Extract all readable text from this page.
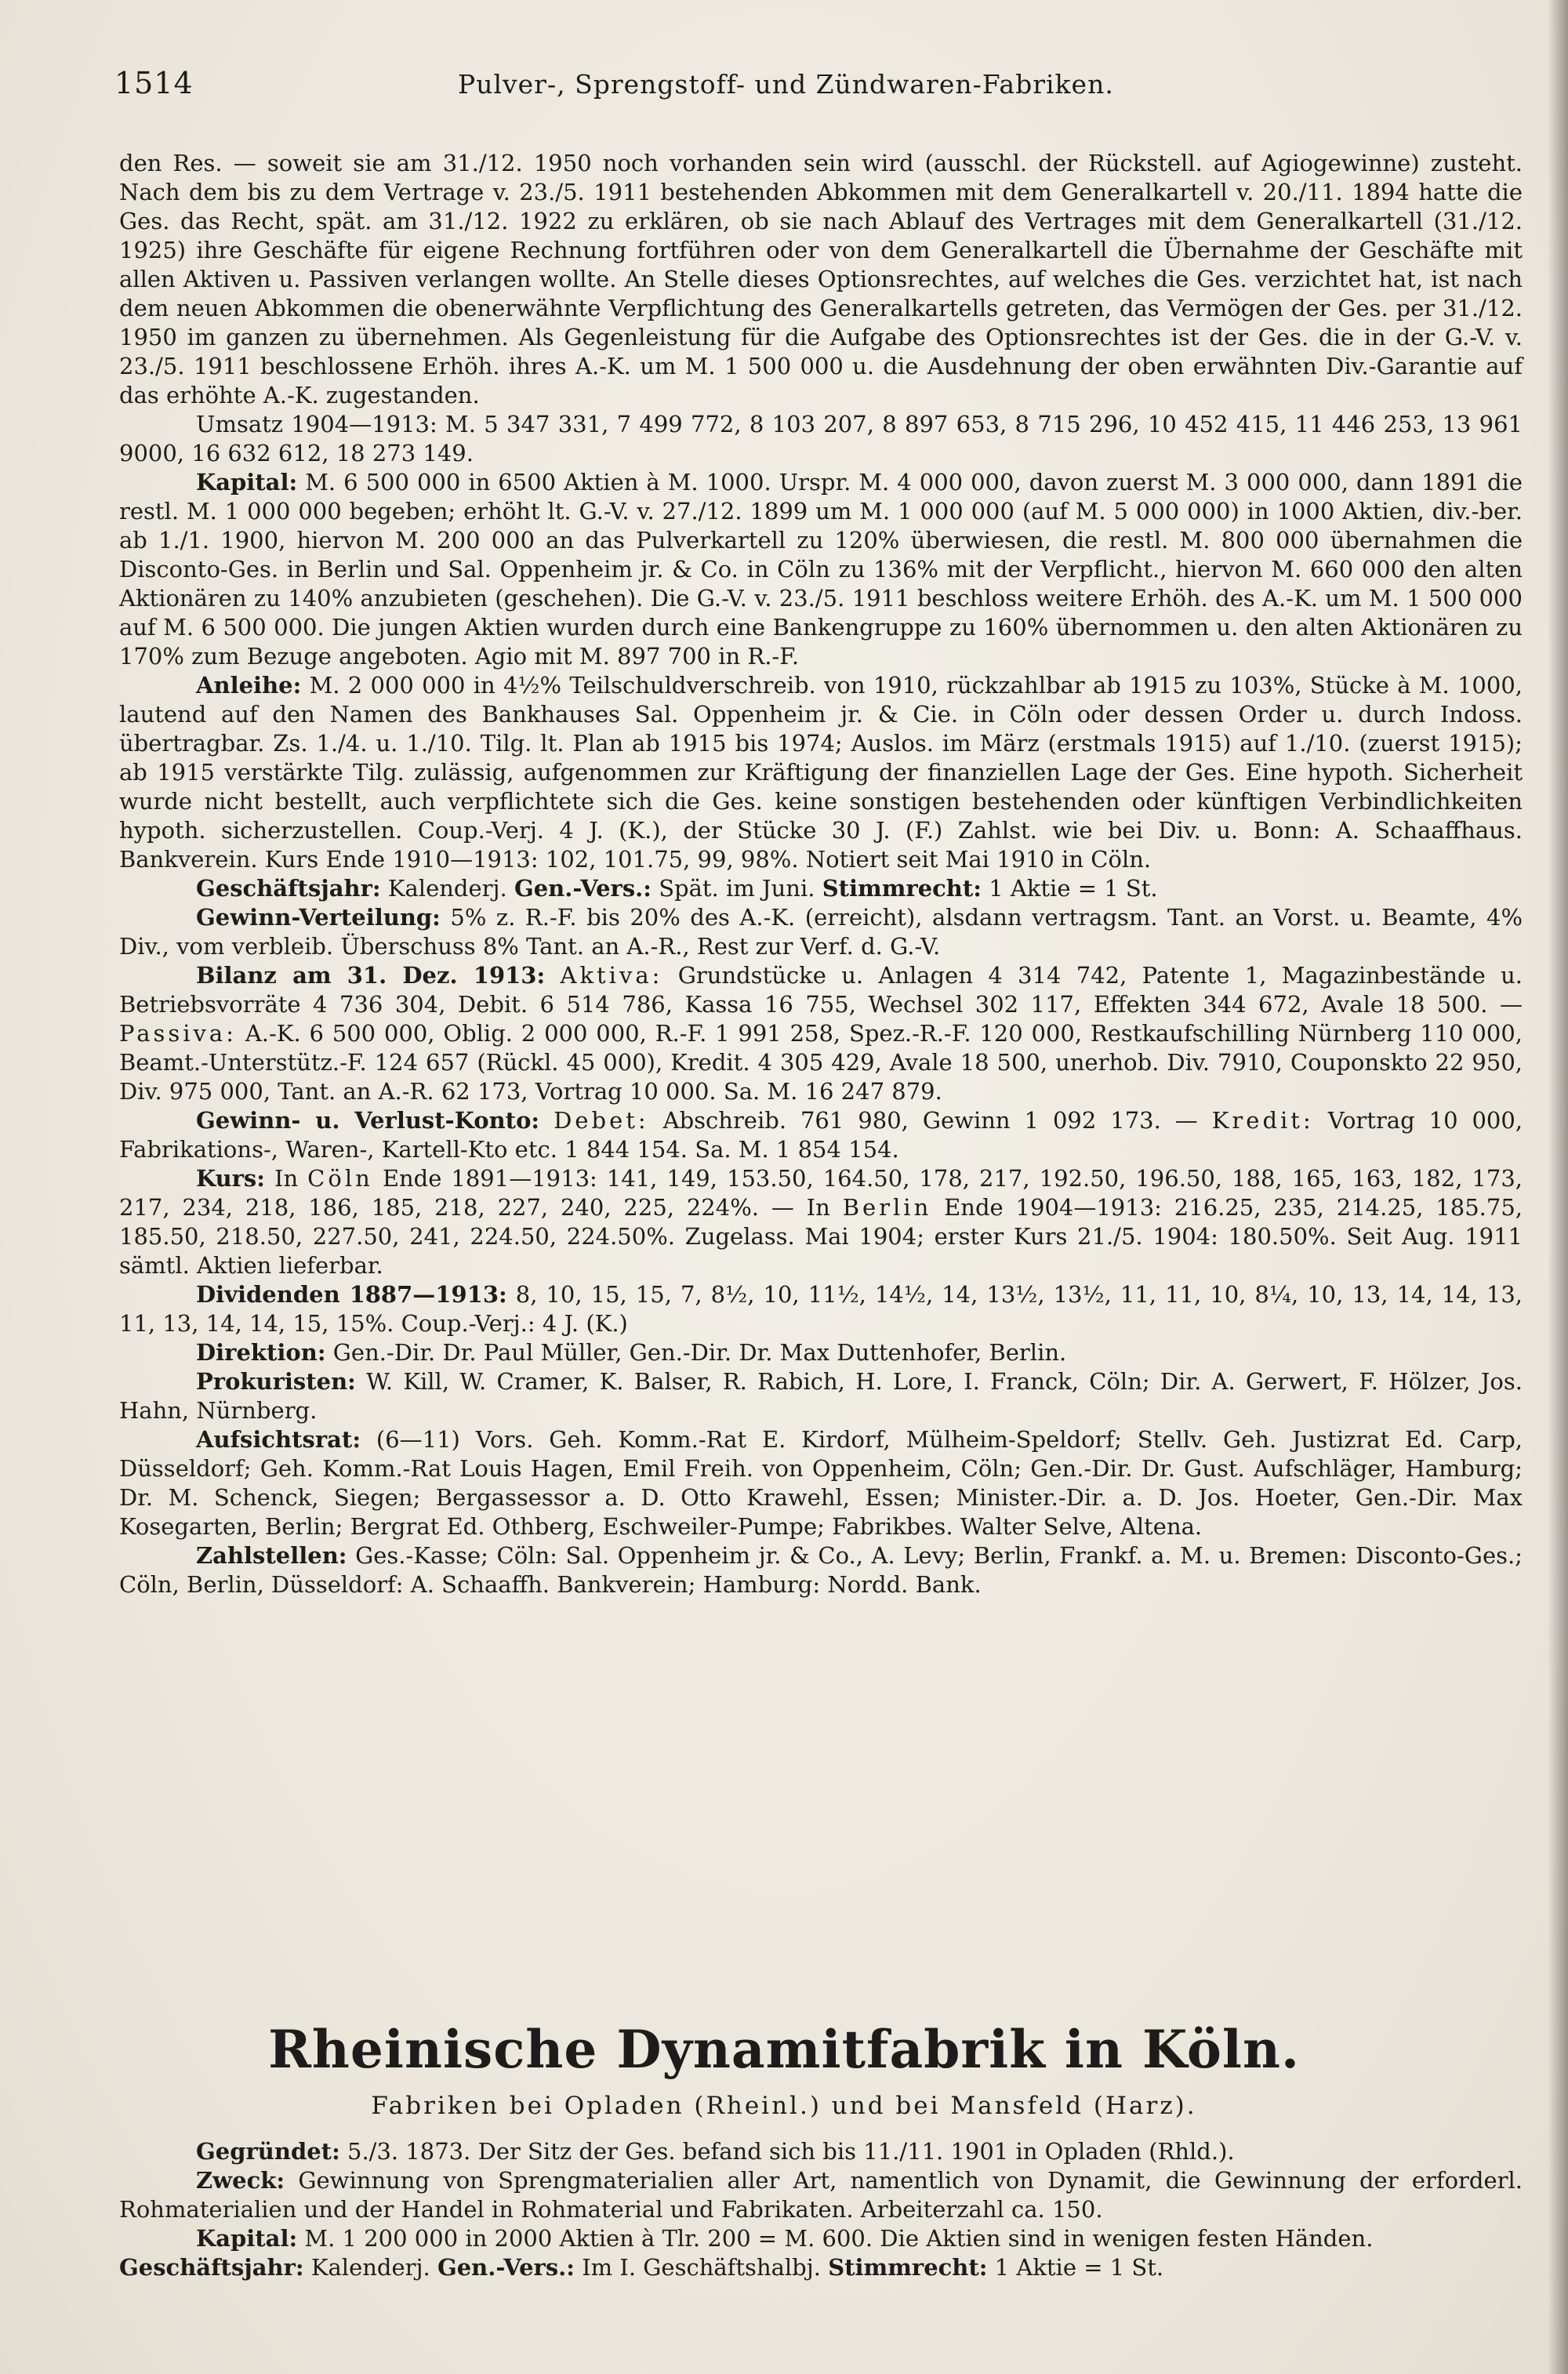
1514	Pulver-, Sprengstoff- und Zündwaren-Fabriken.

den Res. — soweit sie am 31./12. 1950 noch vorhanden sein wird (ausschl. der Rückstell. auf Agiogewinne) zusteht. Nach dem bis zu dem Vertrage v. 23./5. 1911 bestehenden Abkommen mit dem Generalkartell v. 20./11. 1894 hatte die Ges. das Recht, spät. am 31./12. 1922 zu erklären, ob sie nach Ablauf des Vertrages mit dem Generalkartell (31./12. 1925) ihre Geschäfte für eigene Rechnung fortführen oder von dem Generalkartell die Übernahme der Geschäfte mit allen Aktiven u. Passiven verlangen wollte. An Stelle dieses Optionsrechtes, auf welches die Ges. verzichtet hat, ist nach dem neuen Abkommen die obenerwähnte Verpflichtung des Generalkartells getreten, das Vermögen der Ges. per 31./12. 1950 im ganzen zu übernehmen. Als Gegenleistung für die Aufgabe des Optionsrechtes ist der Ges. die in der G.-V. v. 23./5. 1911 beschlossene Erhöh. ihres A.-K. um M. 1 500 000 u. die Ausdehnung der oben erwähnten Div.-Garantie auf das erhöhte A.-K. zugestanden.

Umsatz 1904—1913: M. 5 347 331, 7 499 772, 8 103 207, 8 897 653, 8 715 296, 10 452 415, 11 446 253, 13 961 9000, 16 632 612, 18 273 149.

Kapital: M. 6 500 000 in 6500 Aktien à M. 1000. Urspr. M. 4 000 000, davon zuerst M. 3 000 000, dann 1891 die restl. M. 1 000 000 begeben; erhöht lt. G.-V. v. 27./12. 1899 um M. 1 000 000 (auf M. 5 000 000) in 1000 Aktien, div.-ber. ab 1./1. 1900, hiervon M. 200 000 an das Pulverkartell zu 120% überwiesen, die restl. M. 800 000 übernahmen die Disconto-Ges. in Berlin und Sal. Oppenheim jr. & Co. in Cöln zu 136% mit der Verpflicht., hiervon M. 660 000 den alten Aktionären zu 140% anzubieten (geschehen). Die G.-V. v. 23./5. 1911 beschloss weitere Erhöh. des A.-K. um M. 1 500 000 auf M. 6 500 000. Die jungen Aktien wurden durch eine Bankengruppe zu 160% übernommen u. den alten Aktionären zu 170% zum Bezuge angeboten. Agio mit M. 897 700 in R.-F.

Anleihe: M. 2 000 000 in 4½% Teilschuldverschreib. von 1910, rückzahlbar ab 1915 zu 103%, Stücke à M. 1000, lautend auf den Namen des Bankhauses Sal. Oppenheim jr. & Cie. in Cöln oder dessen Order u. durch Indoss. übertragbar. Zs. 1./4. u. 1./10. Tilg. lt. Plan ab 1915 bis 1974; Auslos. im März (erstmals 1915) auf 1./10. (zuerst 1915); ab 1915 verstärkte Tilg. zulässig, aufgenommen zur Kräftigung der finanziellen Lage der Ges. Eine hypoth. Sicherheit wurde nicht bestellt, auch verpflichtete sich die Ges. keine sonstigen bestehenden oder künftigen Verbindlichkeiten hypoth. sicherzustellen. Coup.-Verj. 4 J. (K.), der Stücke 30 J. (F.) Zahlst. wie bei Div. u. Bonn: A. Schaaffhaus. Bankverein. Kurs Ende 1910—1913: 102, 101.75, 99, 98%. Notiert seit Mai 1910 in Cöln.

Geschäftsjahr: Kalenderj. Gen.-Vers.: Spät. im Juni. Stimmrecht: 1 Aktie = 1 St.

Gewinn-Verteilung: 5% z. R.-F. bis 20% des A.-K. (erreicht), alsdann vertragsm. Tant. an Vorst. u. Beamte, 4% Div., vom verbleib. Überschuss 8% Tant. an A.-R., Rest zur Verf. d. G.-V.

Bilanz am 31. Dez. 1913: Aktiva: Grundstücke u. Anlagen 4 314 742, Patente 1, Magazinbestände u. Betriebsvorräte 4 736 304, Debit. 6 514 786, Kassa 16 755, Wechsel 302 117, Effekten 344 672, Avale 18 500. — Passiva: A.-K. 6 500 000, Oblig. 2 000 000, R.-F. 1 991 258, Spez.-R.-F. 120 000, Restkaufschilling Nürnberg 110 000, Beamt.-Unterstütz.-F. 124 657 (Rückl. 45 000), Kredit. 4 305 429, Avale 18 500, unerhob. Div. 7910, Couponskto 22 950, Div. 975 000, Tant. an A.-R. 62 173, Vortrag 10 000. Sa. M. 16 247 879.

Gewinn- u. Verlust-Konto: Debet: Abschreib. 761 980, Gewinn 1 092 173. — Kredit: Vortrag 10 000, Fabrikations-, Waren-, Kartell-Kto etc. 1 844 154. Sa. M. 1 854 154.

Kurs: In Cöln Ende 1891—1913: 141, 149, 153.50, 164.50, 178, 217, 192.50, 196.50, 188, 165, 163, 182, 173, 217, 234, 218, 186, 185, 218, 227, 240, 225, 224%. — In Berlin Ende 1904—1913: 216.25, 235, 214.25, 185.75, 185.50, 218.50, 227.50, 241, 224.50, 224.50%. Zugelass. Mai 1904; erster Kurs 21./5. 1904: 180.50%. Seit Aug. 1911 sämtl. Aktien lieferbar.

Dividenden 1887—1913: 8, 10, 15, 15, 7, 8½, 10, 11½, 14½, 14, 13½, 13½, 11, 11, 10, 8¼, 10, 13, 14, 14, 13, 11, 13, 14, 14, 15, 15%. Coup.-Verj.: 4 J. (K.)

Direktion: Gen.-Dir. Dr. Paul Müller, Gen.-Dir. Dr. Max Duttenhofer, Berlin.

Prokuristen: W. Kill, W. Cramer, K. Balser, R. Rabich, H. Lore, I. Franck, Cöln; Dir. A. Gerwert, F. Hölzer, Jos. Hahn, Nürnberg.

Aufsichtsrat: (6—11) Vors. Geh. Komm.-Rat E. Kirdorf, Mülheim-Speldorf; Stellv. Geh. Justizrat Ed. Carp, Düsseldorf; Geh. Komm.-Rat Louis Hagen, Emil Freih. von Oppenheim, Cöln; Gen.-Dir. Dr. Gust. Aufschläger, Hamburg; Dr. M. Schenck, Siegen; Bergassessor a. D. Otto Krawehl, Essen; Minister.-Dir. a. D. Jos. Hoeter, Gen.-Dir. Max Kosegarten, Berlin; Bergrat Ed. Othberg, Eschweiler-Pumpe; Fabrikbes. Walter Selve, Altena.

Zahlstellen: Ges.-Kasse; Cöln: Sal. Oppenheim jr. & Co., A. Levy; Berlin, Frankf. a. M. u. Bremen: Disconto-Ges.; Cöln, Berlin, Düsseldorf: A. Schaaffh. Bankverein; Hamburg: Nordd. Bank.

Rheinische Dynamitfabrik in Köln.
Fabriken bei Opladen (Rheinl.) und bei Mansfeld (Harz).

Gegründet: 5./3. 1873. Der Sitz der Ges. befand sich bis 11./11. 1901 in Opladen (Rhld.).

Zweck: Gewinnung von Sprengmaterialien aller Art, namentlich von Dynamit, die Gewinnung der erforderl. Rohmaterialien und der Handel in Rohmaterial und Fabrikaten. Arbeiterzahl ca. 150.

Kapital: M. 1 200 000 in 2000 Aktien à Tlr. 200 = M. 600. Die Aktien sind in wenigen festen Händen.

Geschäftsjahr: Kalenderj. Gen.-Vers.: Im I. Geschäftshalbj. Stimmrecht: 1 Aktie = 1 St.
